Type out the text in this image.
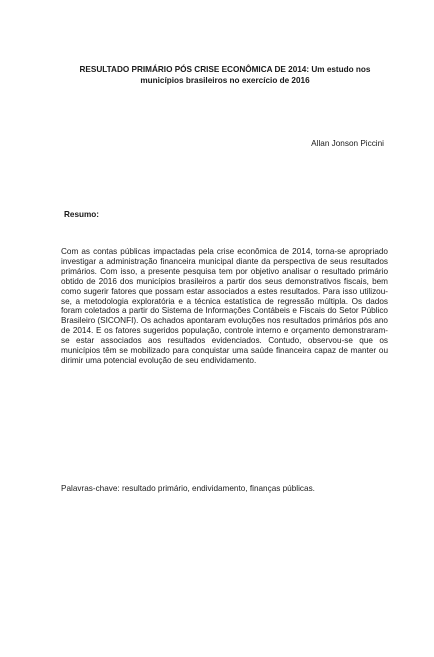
RESULTADO PRIMÁRIO PÓS CRISE ECONÔMICA DE 2014: Um estudo nos municípios brasileiros no exercício de 2016

Allan Jonson Piccini

Resumo:

Com as contas públicas impactadas pela crise econômica de 2014, torna-se apropriado investigar a administração financeira municipal diante da perspectiva de seus resultados primários. Com isso, a presente pesquisa tem por objetivo analisar o resultado primário obtido de 2016 dos municípios brasileiros a partir dos seus demonstrativos fiscais, bem como sugerir fatores que possam estar associados a estes resultados. Para isso utilizou-se, a metodologia exploratória e a técnica estatística de regressão múltipla. Os dados foram coletados a partir do Sistema de Informações Contábeis e Fiscais do Setor Público Brasileiro (SICONFI). Os achados apontaram evoluções nos resultados primários pós ano de 2014. E os fatores sugeridos população, controle interno e orçamento demonstraram-se estar associados aos resultados evidenciados. Contudo, observou-se que os municípios têm se mobilizado para conquistar uma saúde financeira capaz de manter ou dirimir uma potencial evolução de seu endividamento.

Palavras-chave: resultado primário, endividamento, finanças públicas.
